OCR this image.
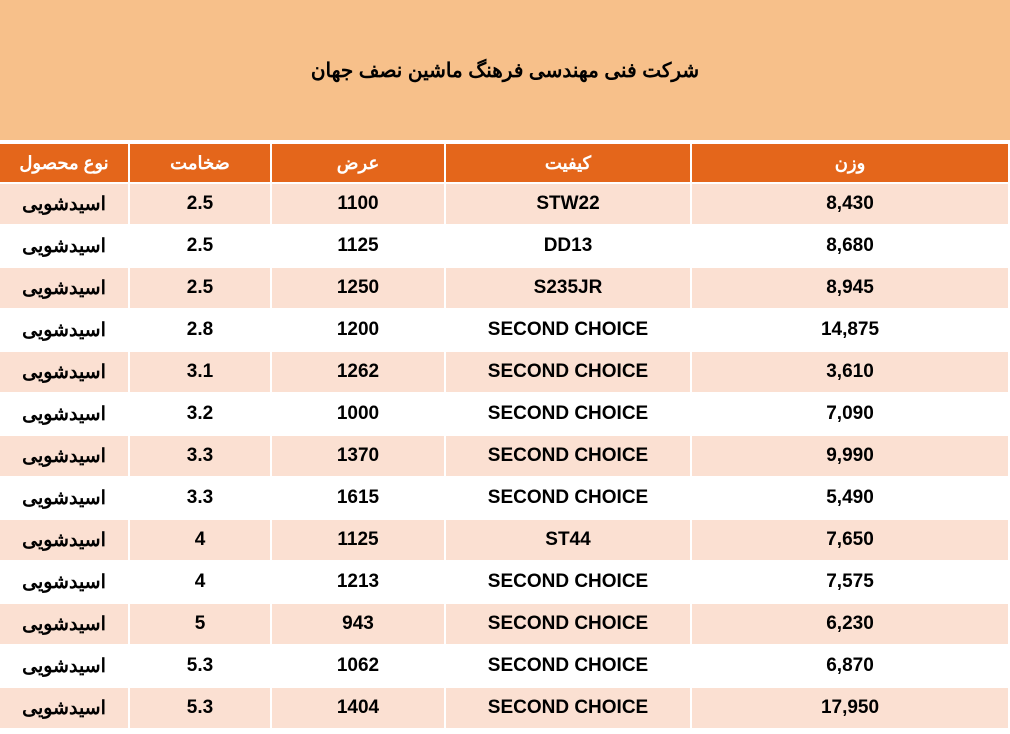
شرکت فنی مهندسی فرهنگ ماشین نصف جهان
وزن	کیفیت	عرض	ضخامت	نوع محصول
8,430	STW22	1100	2.5	اسیدشویی
8,680	DD13	1125	2.5	اسیدشویی
8,945	S235JR	1250	2.5	اسیدشویی
14,875	SECOND CHOICE	1200	2.8	اسیدشویی
3,610	SECOND CHOICE	1262	3.1	اسیدشویی
7,090	SECOND CHOICE	1000	3.2	اسیدشویی
9,990	SECOND CHOICE	1370	3.3	اسیدشویی
5,490	SECOND CHOICE	1615	3.3	اسیدشویی
7,650	ST44	1125	4	اسیدشویی
7,575	SECOND CHOICE	1213	4	اسیدشویی
6,230	SECOND CHOICE	943	5	اسیدشویی
6,870	SECOND CHOICE	1062	5.3	اسیدشویی
17,950	SECOND CHOICE	1404	5.3	اسیدشویی
